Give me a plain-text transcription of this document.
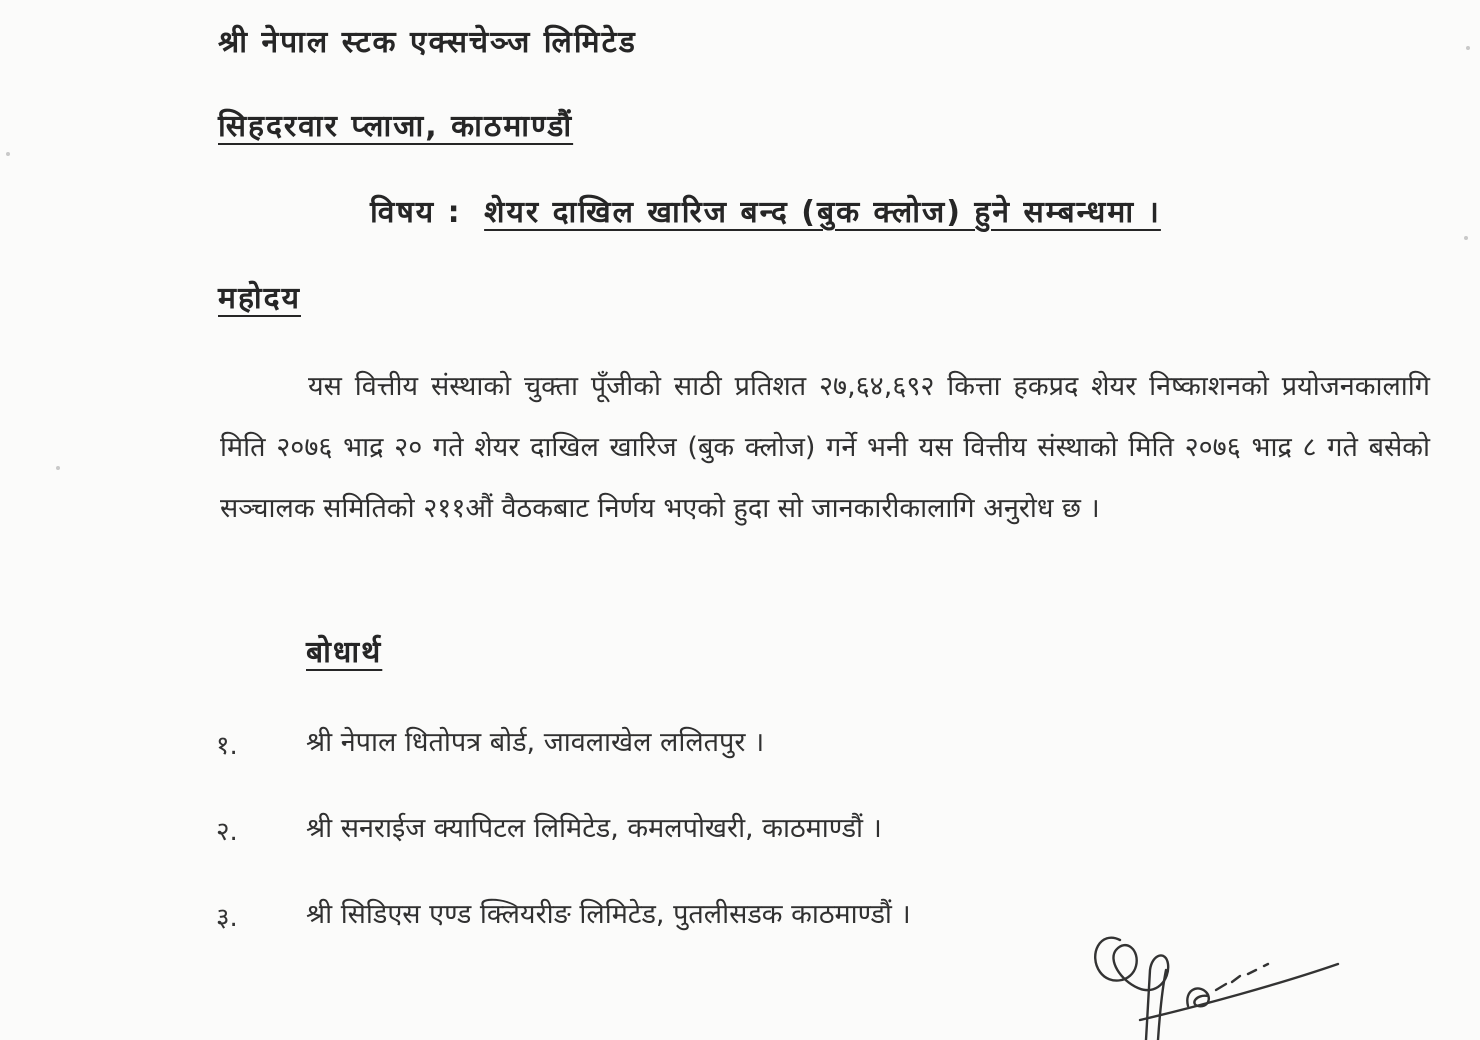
श्री नेपाल स्टक एक्सचेञ्ज लिमिटेड
सिहदरवार प्लाजा, काठमाण्डौं
विषय : शेयर दाखिल खारिज बन्द (बुक क्लोज) हुने सम्बन्धमा ।
महोदय
यस वित्तीय संस्थाको चुक्ता पूँजीको साठी प्रतिशत २७,६४,६९२ कित्ता हकप्रद शेयर निष्काशनको प्रयोजनकालागि मिति २०७६ भाद्र २० गते शेयर दाखिल खारिज (बुक क्लोज) गर्ने भनी यस वित्तीय संस्थाको मिति २०७६ भाद्र ८ गते बसेको सञ्चालक समितिको २११औं वैठकबाट निर्णय भएको हुदा सो जानकारीकालागि अनुरोध छ ।
बोधार्थ
१.	श्री नेपाल धितोपत्र बोर्ड, जावलाखेल ललितपुर ।
२.	श्री सनराईज क्यापिटल लिमिटेड, कमलपोखरी, काठमाण्डौं ।
३.	श्री सिडिएस एण्ड क्लियरीङ लिमिटेड, पुतलीसडक काठमाण्डौं ।
